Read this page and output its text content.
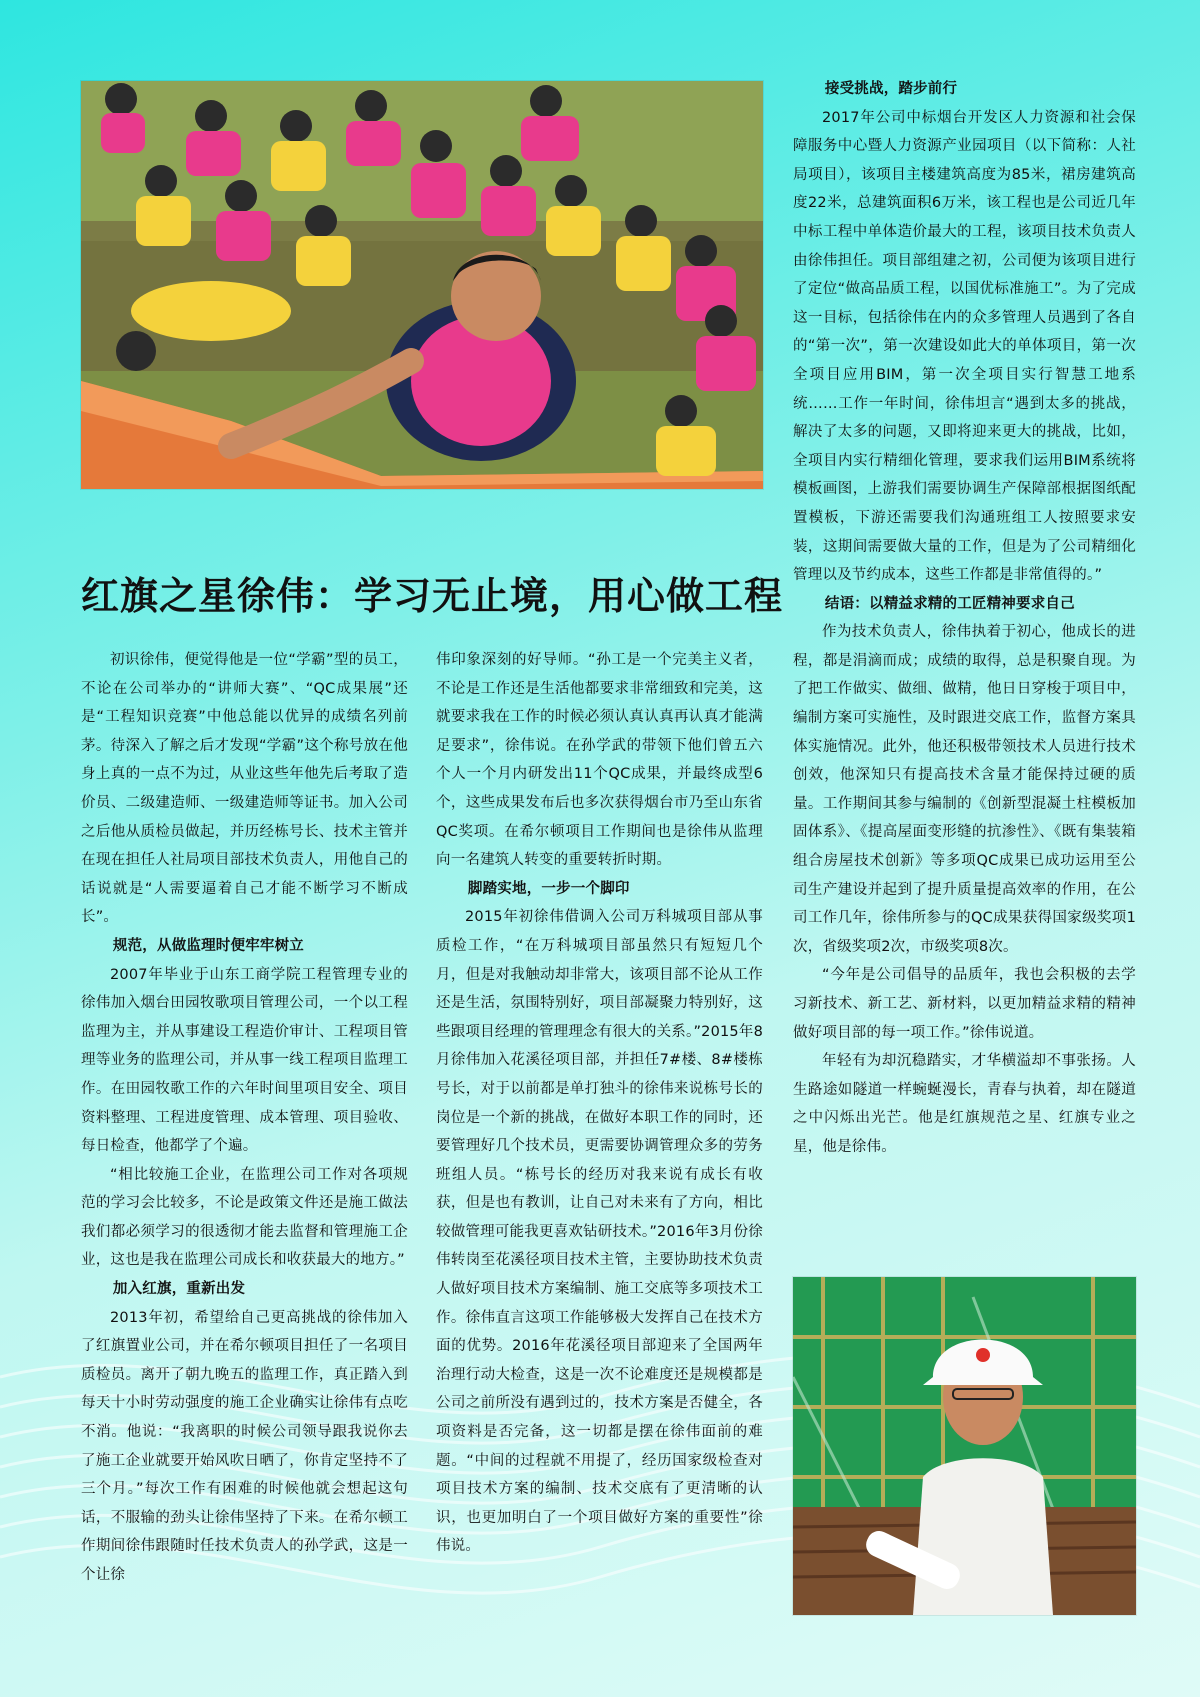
红旗之星徐伟：学习无止境，用心做工程

初识徐伟，便觉得他是一位“学霸”型的员工，不论在公司举办的“讲师大赛”、“QC成果展”还是“工程知识竞赛”中他总能以优异的成绩名列前茅。待深入了解之后才发现“学霸”这个称号放在他身上真的一点不为过，从业这些年他先后考取了造价员、二级建造师、一级建造师等证书。加入公司之后他从质检员做起，并历经栋号长、技术主管并在现在担任人社局项目部技术负责人，用他自己的话说就是“人需要逼着自己才能不断学习不断成长”。

规范，从做监理时便牢牢树立

2007年毕业于山东工商学院工程管理专业的徐伟加入烟台田园牧歌项目管理公司，一个以工程监理为主，并从事建设工程造价审计、工程项目管理等业务的监理公司，并从事一线工程项目监理工作。在田园牧歌工作的六年时间里项目安全、项目资料整理、工程进度管理、成本管理、项目验收、每日检查，他都学了个遍。

“相比较施工企业，在监理公司工作对各项规范的学习会比较多，不论是政策文件还是施工做法我们都必须学习的很透彻才能去监督和管理施工企业，这也是我在监理公司成长和收获最大的地方。”

加入红旗，重新出发

2013年初，希望给自己更高挑战的徐伟加入了红旗置业公司，并在希尔顿项目担任了一名项目质检员。离开了朝九晚五的监理工作，真正踏入到每天十小时劳动强度的施工企业确实让徐伟有点吃不消。他说：“我离职的时候公司领导跟我说你去了施工企业就要开始风吹日晒了，你肯定坚持不了三个月。”每次工作有困难的时候他就会想起这句话，不服输的劲头让徐伟坚持了下来。在希尔顿工作期间徐伟跟随时任技术负责人的孙学武，这是一个让徐

伟印象深刻的好导师。“孙工是一个完美主义者，不论是工作还是生活他都要求非常细致和完美，这就要求我在工作的时候必须认真认真再认真才能满足要求”，徐伟说。在孙学武的带领下他们曾五六个人一个月内研发出11个QC成果，并最终成型6个，这些成果发布后也多次获得烟台市乃至山东省QC奖项。在希尔顿项目工作期间也是徐伟从监理向一名建筑人转变的重要转折时期。

脚踏实地，一步一个脚印

2015年初徐伟借调入公司万科城项目部从事质检工作，“在万科城项目部虽然只有短短几个月，但是对我触动却非常大，该项目部不论从工作还是生活，氛围特别好，项目部凝聚力特别好，这些跟项目经理的管理理念有很大的关系。”2015年8月徐伟加入花溪径项目部，并担任7#楼、8#楼栋号长，对于以前都是单打独斗的徐伟来说栋号长的岗位是一个新的挑战，在做好本职工作的同时，还要管理好几个技术员，更需要协调管理众多的劳务班组人员。“栋号长的经历对我来说有成长有收获，但是也有教训，让自己对未来有了方向，相比较做管理可能我更喜欢钻研技术。”2016年3月份徐伟转岗至花溪径项目技术主管，主要协助技术负责人做好项目技术方案编制、施工交底等多项技术工作。徐伟直言这项工作能够极大发挥自己在技术方面的优势。2016年花溪径项目部迎来了全国两年治理行动大检查，这是一次不论难度还是规模都是公司之前所没有遇到过的，技术方案是否健全，各项资料是否完备，这一切都是摆在徐伟面前的难题。“中间的过程就不用提了，经历国家级检查对项目技术方案的编制、技术交底有了更清晰的认识，也更加明白了一个项目做好方案的重要性”徐伟说。

接受挑战，踏步前行

2017年公司中标烟台开发区人力资源和社会保障服务中心暨人力资源产业园项目（以下简称：人社局项目），该项目主楼建筑高度为85米，裙房建筑高度22米，总建筑面积6万米，该工程也是公司近几年中标工程中单体造价最大的工程，该项目技术负责人由徐伟担任。项目部组建之初，公司便为该项目进行了定位“做高品质工程，以国优标准施工”。为了完成这一目标，包括徐伟在内的众多管理人员遇到了各自的“第一次”，第一次建设如此大的单体项目，第一次全项目应用BIM，第一次全项目实行智慧工地系统……工作一年时间，徐伟坦言“遇到太多的挑战，解决了太多的问题，又即将迎来更大的挑战，比如，全项目内实行精细化管理，要求我们运用BIM系统将模板画图，上游我们需要协调生产保障部根据图纸配置模板，下游还需要我们沟通班组工人按照要求安装，这期间需要做大量的工作，但是为了公司精细化管理以及节约成本，这些工作都是非常值得的。”

结语：以精益求精的工匠精神要求自己

作为技术负责人，徐伟执着于初心，他成长的进程，都是涓滴而成；成绩的取得，总是积聚自现。为了把工作做实、做细、做精，他日日穿梭于项目中，编制方案可实施性，及时跟进交底工作，监督方案具体实施情况。此外，他还积极带领技术人员进行技术创效，他深知只有提高技术含量才能保持过硬的质量。工作期间其参与编制的《创新型混凝土柱模板加固体系》、《提高屋面变形缝的抗渗性》、《既有集装箱组合房屋技术创新》等多项QC成果已成功运用至公司生产建设并起到了提升质量提高效率的作用，在公司工作几年，徐伟所参与的QC成果获得国家级奖项1次，省级奖项2次，市级奖项8次。

“今年是公司倡导的品质年，我也会积极的去学习新技术、新工艺、新材料，以更加精益求精的精神做好项目部的每一项工作。”徐伟说道。

年轻有为却沉稳踏实，才华横溢却不事张扬。人生路途如隧道一样蜿蜒漫长，青春与执着，却在隧道之中闪烁出光芒。他是红旗规范之星、红旗专业之星，他是徐伟。
